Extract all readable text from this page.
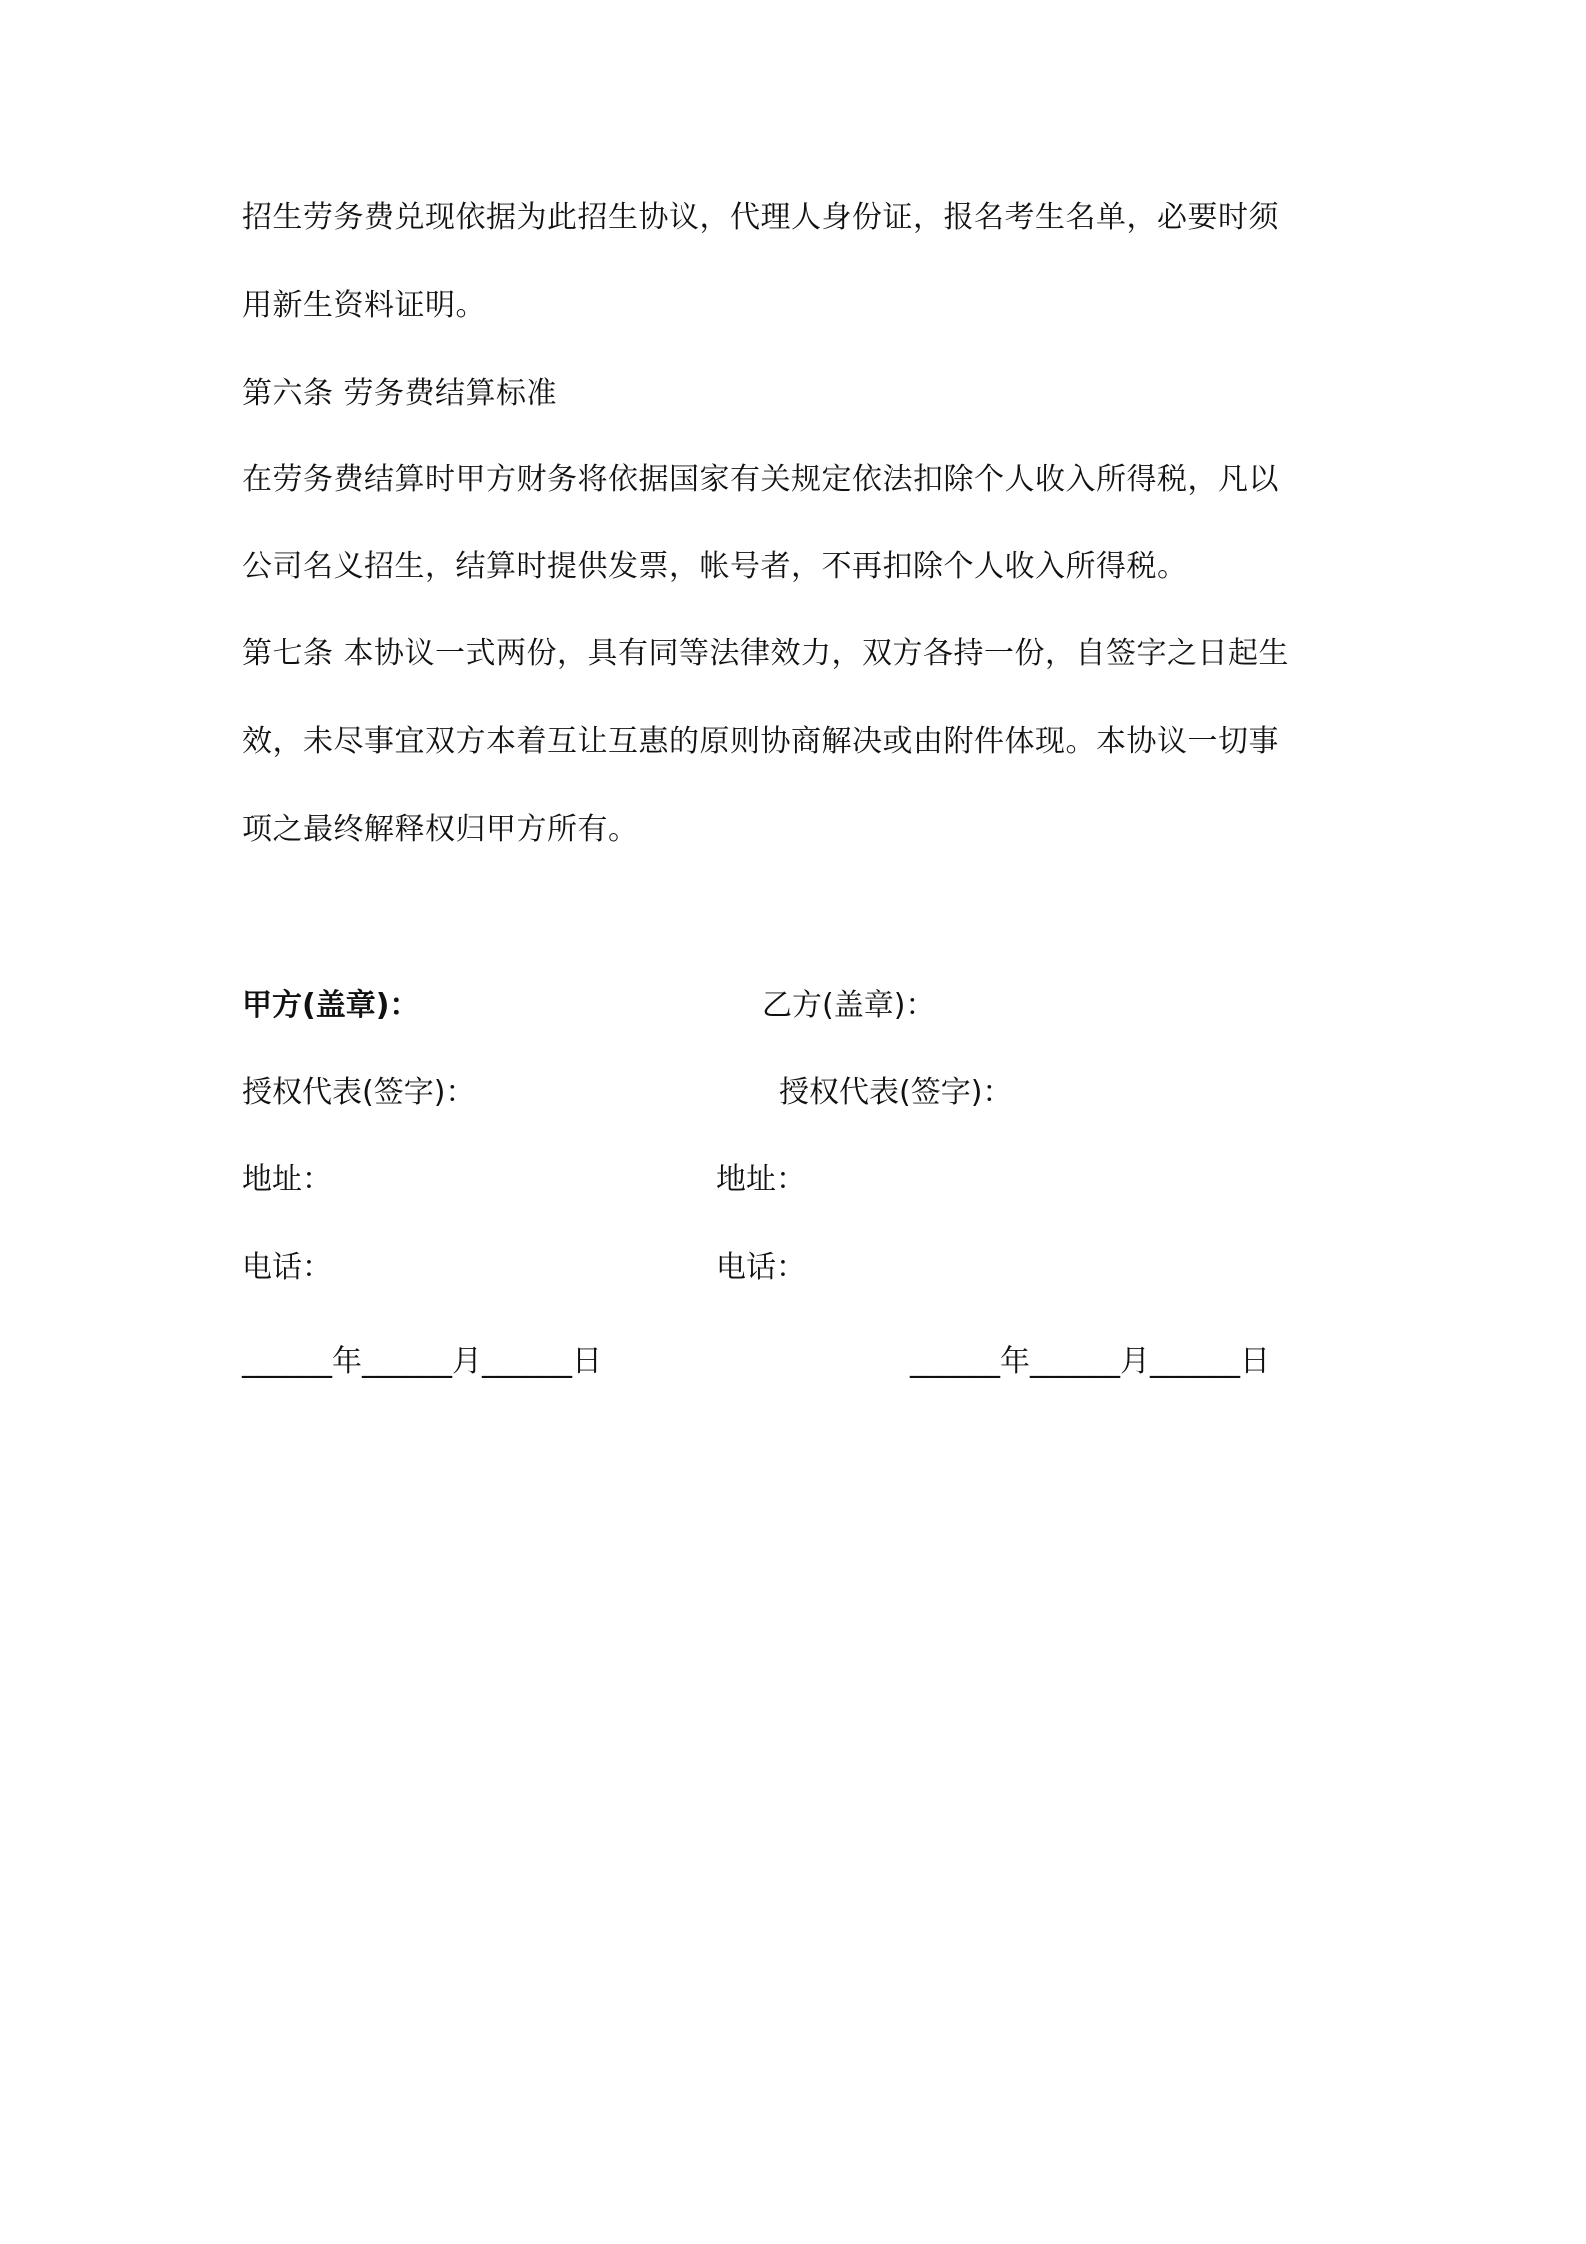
招生劳务费兑现依据为此招生协议，代理人身份证，报名考生名单，必要时须
用新生资料证明。
第六条 劳务费结算标准
在劳务费结算时甲方财务将依据国家有关规定依法扣除个人收入所得税，凡以
公司名义招生，结算时提供发票，帐号者，不再扣除个人收入所得税。
第七条 本协议一式两份，具有同等法律效力，双方各持一份，自签字之日起生
效，未尽事宜双方本着互让互惠的原则协商解决或由附件体现。本协议一切事
项之最终解释权归甲方所有。
甲方(盖章)：
授权代表(签字)：
地址：
电话：
______年______月______日
乙方(盖章)：
授权代表(签字)：
地址：
电话：
______年______月______日
